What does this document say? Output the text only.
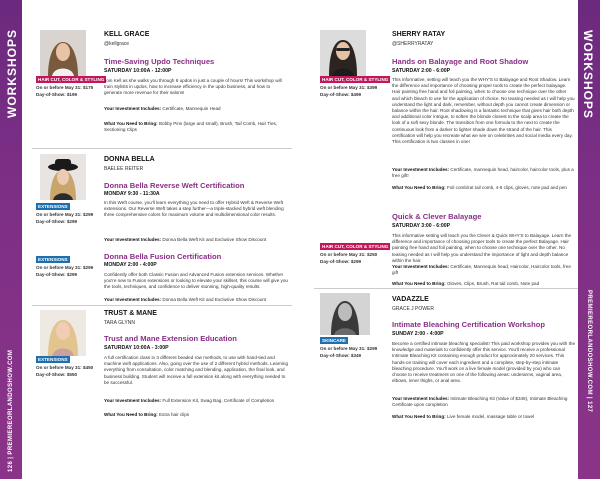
WORKSHOPS
126 | PREMIEREORLANDOSHOW.COM
WORKSHOPS
PREMIEREORLANDOSHOW.COM | 127
HAIR CUT, COLOR & STYLING
On or before May 31: $175
Day-of-Show: $199
KELL GRACE
@kellgrace
Time-Saving Updo Techniques
SATURDAY 10:00A - 12:00P
Join Kell as she walks you through 8 updos in just a couple of hours! This workshop will train stylists in updos, how to increase efficiency in the updo business, and how to generate more revenue for their salons!
Your Investment Includes: Certificate, Mannequin Head
What You Need to Bring: Bobby Pins (large and small), Brush, Tail Comb, Hair Ties, Sectioning Clips
EXTENSIONS
On or before May 31: $299
Day-of-Show: $299
EXTENSIONS
On or before May 31: $299
Day-of-Show: $299
DONNA BELLA
BAELEE REITER
Donna Bella Reverse Weft Certification
MONDAY 9:30 - 11:30A
In this Weft course, you'll learn everything you need to offer Hybrid Weft & Reverse Weft extensions. Our Reverse Weft takes a step further—a triple-stacked hybrid weft blending three comprehensive colors for maximum volume and multidimensional color results.
Your Investment Includes: Donna Bella Weft Kit and Exclusive Show Discount
Donna Bella Fusion Certification
MONDAY 2:00 - 4:00P
Confidently offer both Classic Fusion and Advanced Fusion extension services. Whether you're new to Fusion extensions or looking to elevate your skillset, this course will give you the tools, techniques, and confidence to deliver stunning, high-quality results.
Your Investment Includes: Donna Bella Weft Kit and Exclusive Show Discount
EXTENSIONS
On or before May 31: $450
Day-of-Show: $550
TRUST & MANE
TARA GLYNN
Trust and Mane Extension Education
SATURDAY 10:00A - 3:00P
A full certification class in 3 different beaded row methods, to use with hand-tied and machine weft applications. Also, going over the use of 2 different hybrid methods. Learning everything from consultation, color matching and blending, application, the final look, and business building. Student will receive a full extension kit along with everything needed to be successful.
Your Investment Includes: Full Extension Kit, Swag Bag, Certificate of Completion
What You Need to Bring: Extra hair clips
HAIR CUT, COLOR & STYLING
On or before May 31: $399
Day-of-Show: $499
HAIR CUT, COLOR & STYLING
On or before May 31: $250
Day-of-Show: $299
SHERRY RATAY
@SHERRYRATAY
Hands on Balayage and Root Shadow
SATURDAY 2:00 - 6:00P
This informative, setting will teach you the WHY'S to Balayage and Root Shadow. Learn the difference and importance of choosing proper tools to create the perfect balayage. Hair painting free hand and foil painting, when to choose one technique over the other and which bleach to use for the application of choice. No teasing needed as I will help you understand the light and dark, remember, without depth you cannot create dimension or balance within the hair. Root shadowing is a fantastic technique that gives hair both depth and additional color intrigue, to soften the blonde closest to the scalp area to create the look of a soft sexy blonde. The transition from one formula to the next to create the continuous look from a darker to lighter shade down the strand of the hair. This certification will help you recreate what we see on celebrities and social media every day. This certification is two classes in one!
Your Investment Includes: Certificate, mannequin head, haircolor, haircolor tools, plus a free gift!
What You Need to Bring: Foil comb/rat tail comb, 4-6 clips, gloves, note pad and pen
Quick & Clever Balayage
SATURDAY 3:00 - 6:00P
This informative setting will teach you the Clever & Quick WHY'S to Balayage. Learn the difference and importance of choosing proper tools to create the perfect Balayage. Hair painting free hand and foil painting, when to choose one technique over the other. No teasing needed as I will help you understand the importance of light and depth balance within the hair.
Your Investment Includes: Certificate, Mannequin head, Haircolor, Haircolor tools, free gift
What You Need to Bring: Gloves, Clips, Brush, Rat tail comb, Note pad
SKINCARE
On or before May 31: $299
Day-of-Show: $349
VADAZZLE
GRACE J POWER
Intimate Bleaching Certification Workshop
SUNDAY 2:00 - 4:00P
Become a certified intimate bleaching specialist! This paid workshop provides you with the knowledge and materials to confidently offer this service. You'll receive a professional Intimate Bleaching Kit containing enough product for approximately 20 services. This hands-on training will cover each ingredient and a complete, step-by-step intimate bleaching procedure. You'll work on a live female model (provided by you) who can choose to receive treatment on one of the following areas: underarms, vaginal area, elbows, inner thighs, or anal area.
Your Investment Includes: Intimate Bleaching Kit (Value of $349), Intimate Bleaching Certificate upon completion
What You Need to Bring: Live female model, massage table or towel
